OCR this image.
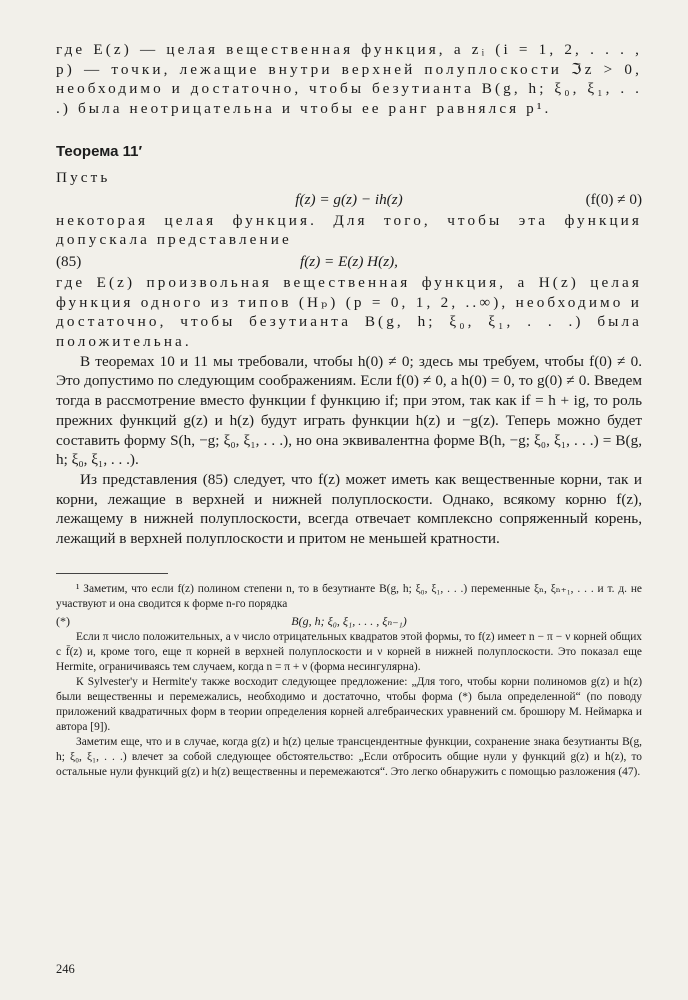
где E(z) — целая вещественная функция, а zᵢ (i = 1, 2, . . . , p) — точки, лежащие внутри верхней полуплоскости ℑz > 0, необходимо и достаточно, чтобы безутианта B(g, h; ξ₀, ξ₁, . . .) была неотрицательна и чтобы ее ранг равнялся p¹.

Теорема 11′
Пусть
f(z) = g(z) − ih(z)	(f(0) ≠ 0)

некоторая целая функция. Для того, чтобы эта функция допускала представление

(85)	f(z) = E(z) H(z),

где E(z) произвольная вещественная функция, а H(z) целая функция одного из типов (Hₚ) (p = 0, 1, 2, ..∞), необходимо и достаточно, чтобы безутианта B(g, h; ξ₀, ξ₁, . . .) была положительна.

В теоремах 10 и 11 мы требовали, чтобы h(0) ≠ 0; здесь мы требуем, чтобы f(0) ≠ 0. Это допустимо по следующим соображениям. Если f(0) ≠ 0, а h(0) = 0, то g(0) ≠ 0. Введем тогда в рассмотрение вместо функции f функцию if; при этом, так как if = h + ig, то роль прежних функций g(z) и h(z) будут играть функции h(z) и −g(z). Теперь можно будет составить форму S(h, −g; ξ₀, ξ₁, . . .), но она эквивалентна форме B(h, −g; ξ₀, ξ₁, . . .) = B(g, h; ξ₀, ξ₁, . . .).

Из представления (85) следует, что f(z) может иметь как вещественные корни, так и корни, лежащие в верхней и нижней полуплоскости. Однако, всякому корню f(z), лежащему в нижней полуплоскости, всегда отвечает комплексно сопряженный корень, лежащий в верхней полуплоскости и притом не меньшей кратности.

¹ Заметим, что если f(z) полином степени n, то в безутианте B(g, h; ξ₀, ξ₁, . . .) переменные ξₙ, ξₙ₊₁, . . . и т. д. не участвуют и она сводится к форме n-го порядка

(*)	B(g, h; ξ₀, ξ₁, . . . , ξₙ₋₁)

Если π число положительных, а ν число отрицательных квадратов этой формы, то f(z) имеет n − π − ν корней общих с f̄(z) и, кроме того, еще π корней в верхней полуплоскости и ν корней в нижней полуплоскости. Это показал еще Hermite, ограничиваясь тем случаем, когда n = π + ν (форма несингулярна).

К Sylvester'y и Hermite'y также восходит следующее предложение: „Для того, чтобы корни полиномов g(z) и h(z) были вещественны и перемежались, необходимо и достаточно, чтобы форма (*) была определенной“ (по поводу приложений квадратичных форм в теории определения корней алгебраических уравнений см. брошюру М. Неймарка и автора [9]).

Заметим еще, что и в случае, когда g(z) и h(z) целые трансцендентные функции, сохранение знака безутианты B(g, h; ξ₀, ξ₁, . . .) влечет за собой следующее обстоятельство: „Если отбросить общие нули у функций g(z) и h(z), то остальные нули функций g(z) и h(z) вещественны и перемежаются“. Это легко обнаружить с помощью разложения (47).

246
